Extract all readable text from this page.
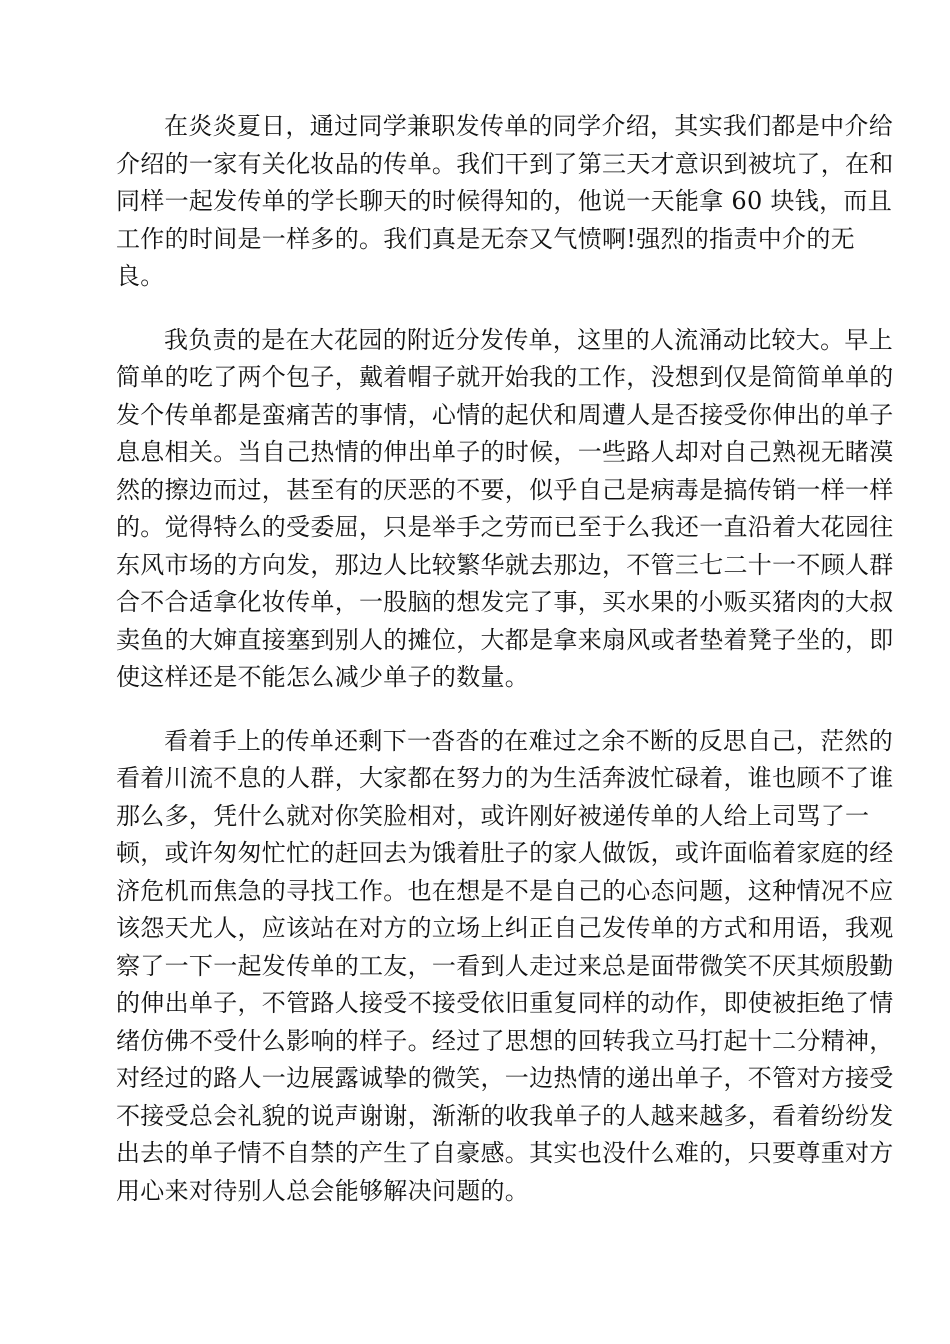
在炎炎夏日，通过同学兼职发传单的同学介绍，其实我们都是中介给
介绍的一家有关化妆品的传单。我们干到了第三天才意识到被坑了，在和
同样一起发传单的学长聊天的时候得知的，他说一天能拿 60 块钱，而且
工作的时间是一样多的。我们真是无奈又气愤啊!强烈的指责中介的无
良。

我负责的是在大花园的附近分发传单，这里的人流涌动比较大。早上
简单的吃了两个包子，戴着帽子就开始我的工作，没想到仅是简简单单的
发个传单都是蛮痛苦的事情，心情的起伏和周遭人是否接受你伸出的单子
息息相关。当自己热情的伸出单子的时候，一些路人却对自己熟视无睹漠
然的擦边而过，甚至有的厌恶的不要，似乎自己是病毒是搞传销一样一样
的。觉得特么的受委屈，只是举手之劳而已至于么我还一直沿着大花园往
东风市场的方向发，那边人比较繁华就去那边，不管三七二十一不顾人群
合不合适拿化妆传单，一股脑的想发完了事，买水果的小贩买猪肉的大叔
卖鱼的大婶直接塞到别人的摊位，大都是拿来扇风或者垫着凳子坐的，即
使这样还是不能怎么减少单子的数量。

看着手上的传单还剩下一沓沓的在难过之余不断的反思自己，茫然的
看着川流不息的人群，大家都在努力的为生活奔波忙碌着，谁也顾不了谁
那么多，凭什么就对你笑脸相对，或许刚好被递传单的人给上司骂了一
顿，或许匆匆忙忙的赶回去为饿着肚子的家人做饭，或许面临着家庭的经
济危机而焦急的寻找工作。也在想是不是自己的心态问题，这种情况不应
该怨天尤人，应该站在对方的立场上纠正自己发传单的方式和用语，我观
察了一下一起发传单的工友，一看到人走过来总是面带微笑不厌其烦殷勤
的伸出单子，不管路人接受不接受依旧重复同样的动作，即使被拒绝了情
绪仿佛不受什么影响的样子。经过了思想的回转我立马打起十二分精神，
对经过的路人一边展露诚挚的微笑，一边热情的递出单子，不管对方接受
不接受总会礼貌的说声谢谢，渐渐的收我单子的人越来越多，看着纷纷发
出去的单子情不自禁的产生了自豪感。其实也没什么难的，只要尊重对方
用心来对待别人总会能够解决问题的。
